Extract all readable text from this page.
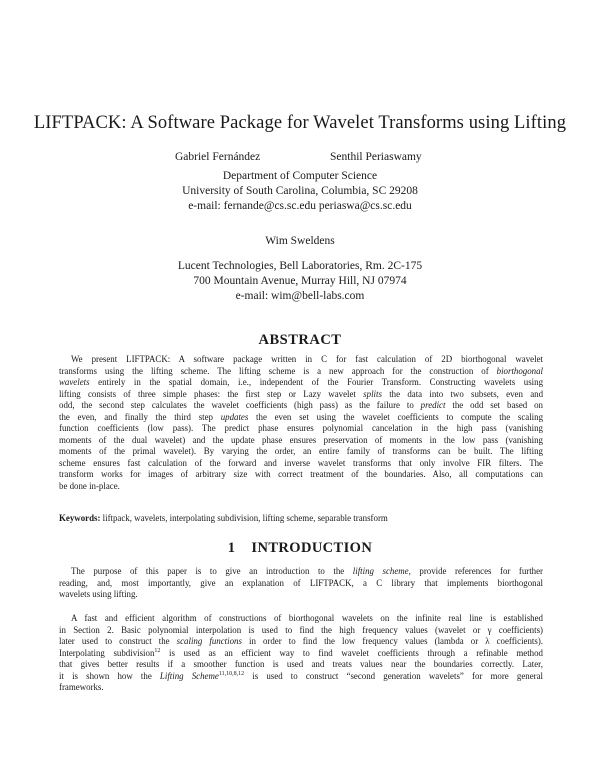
LIFTPACK: A Software Package for Wavelet Transforms using Lifting
Gabriel Fernández	Senthil Periaswamy
Department of Computer Science
University of South Carolina, Columbia, SC 29208
e-mail: fernande@cs.sc.edu periaswa@cs.sc.edu
Wim Sweldens
Lucent Technologies, Bell Laboratories, Rm. 2C-175
700 Mountain Avenue, Murray Hill, NJ 07974
e-mail: wim@bell-labs.com
ABSTRACT
We present LIFTPACK: A software package written in C for fast calculation of 2D biorthogonal wavelet
transforms using the lifting scheme. The lifting scheme is a new approach for the construction of biorthogonal
wavelets entirely in the spatial domain, i.e., independent of the Fourier Transform. Constructing wavelets using
lifting consists of three simple phases: the first step or Lazy wavelet splits the data into two subsets, even and
odd, the second step calculates the wavelet coefficients (high pass) as the failure to predict the odd set based on
the even, and finally the third step updates the even set using the wavelet coefficients to compute the scaling
function coefficients (low pass). The predict phase ensures polynomial cancelation in the high pass (vanishing
moments of the dual wavelet) and the update phase ensures preservation of moments in the low pass (vanishing
moments of the primal wavelet). By varying the order, an entire family of transforms can be built. The lifting
scheme ensures fast calculation of the forward and inverse wavelet transforms that only involve FIR filters. The
transform works for images of arbitrary size with correct treatment of the boundaries. Also, all computations can
be done in-place.
Keywords: liftpack, wavelets, interpolating subdivision, lifting scheme, separable transform
1 INTRODUCTION
The purpose of this paper is to give an introduction to the lifting scheme, provide references for further
reading, and, most importantly, give an explanation of LIFTPACK, a C library that implements biorthogonal
wavelets using lifting.
A fast and efficient algorithm of constructions of biorthogonal wavelets on the infinite real line is established
in Section 2. Basic polynomial interpolation is used to find the high frequency values (wavelet or γ coefficients)
later used to construct the scaling functions in order to find the low frequency values (lambda or λ coefficients).
Interpolating subdivision$^{12}$ is used as an efficient way to find wavelet coefficients through a refinable method
that gives better results if a smoother function is used and treats values near the boundaries correctly. Later,
it is shown how the Lifting Scheme$^{11,10,8,12}$ is used to construct “second generation wavelets” for more general
frameworks.
